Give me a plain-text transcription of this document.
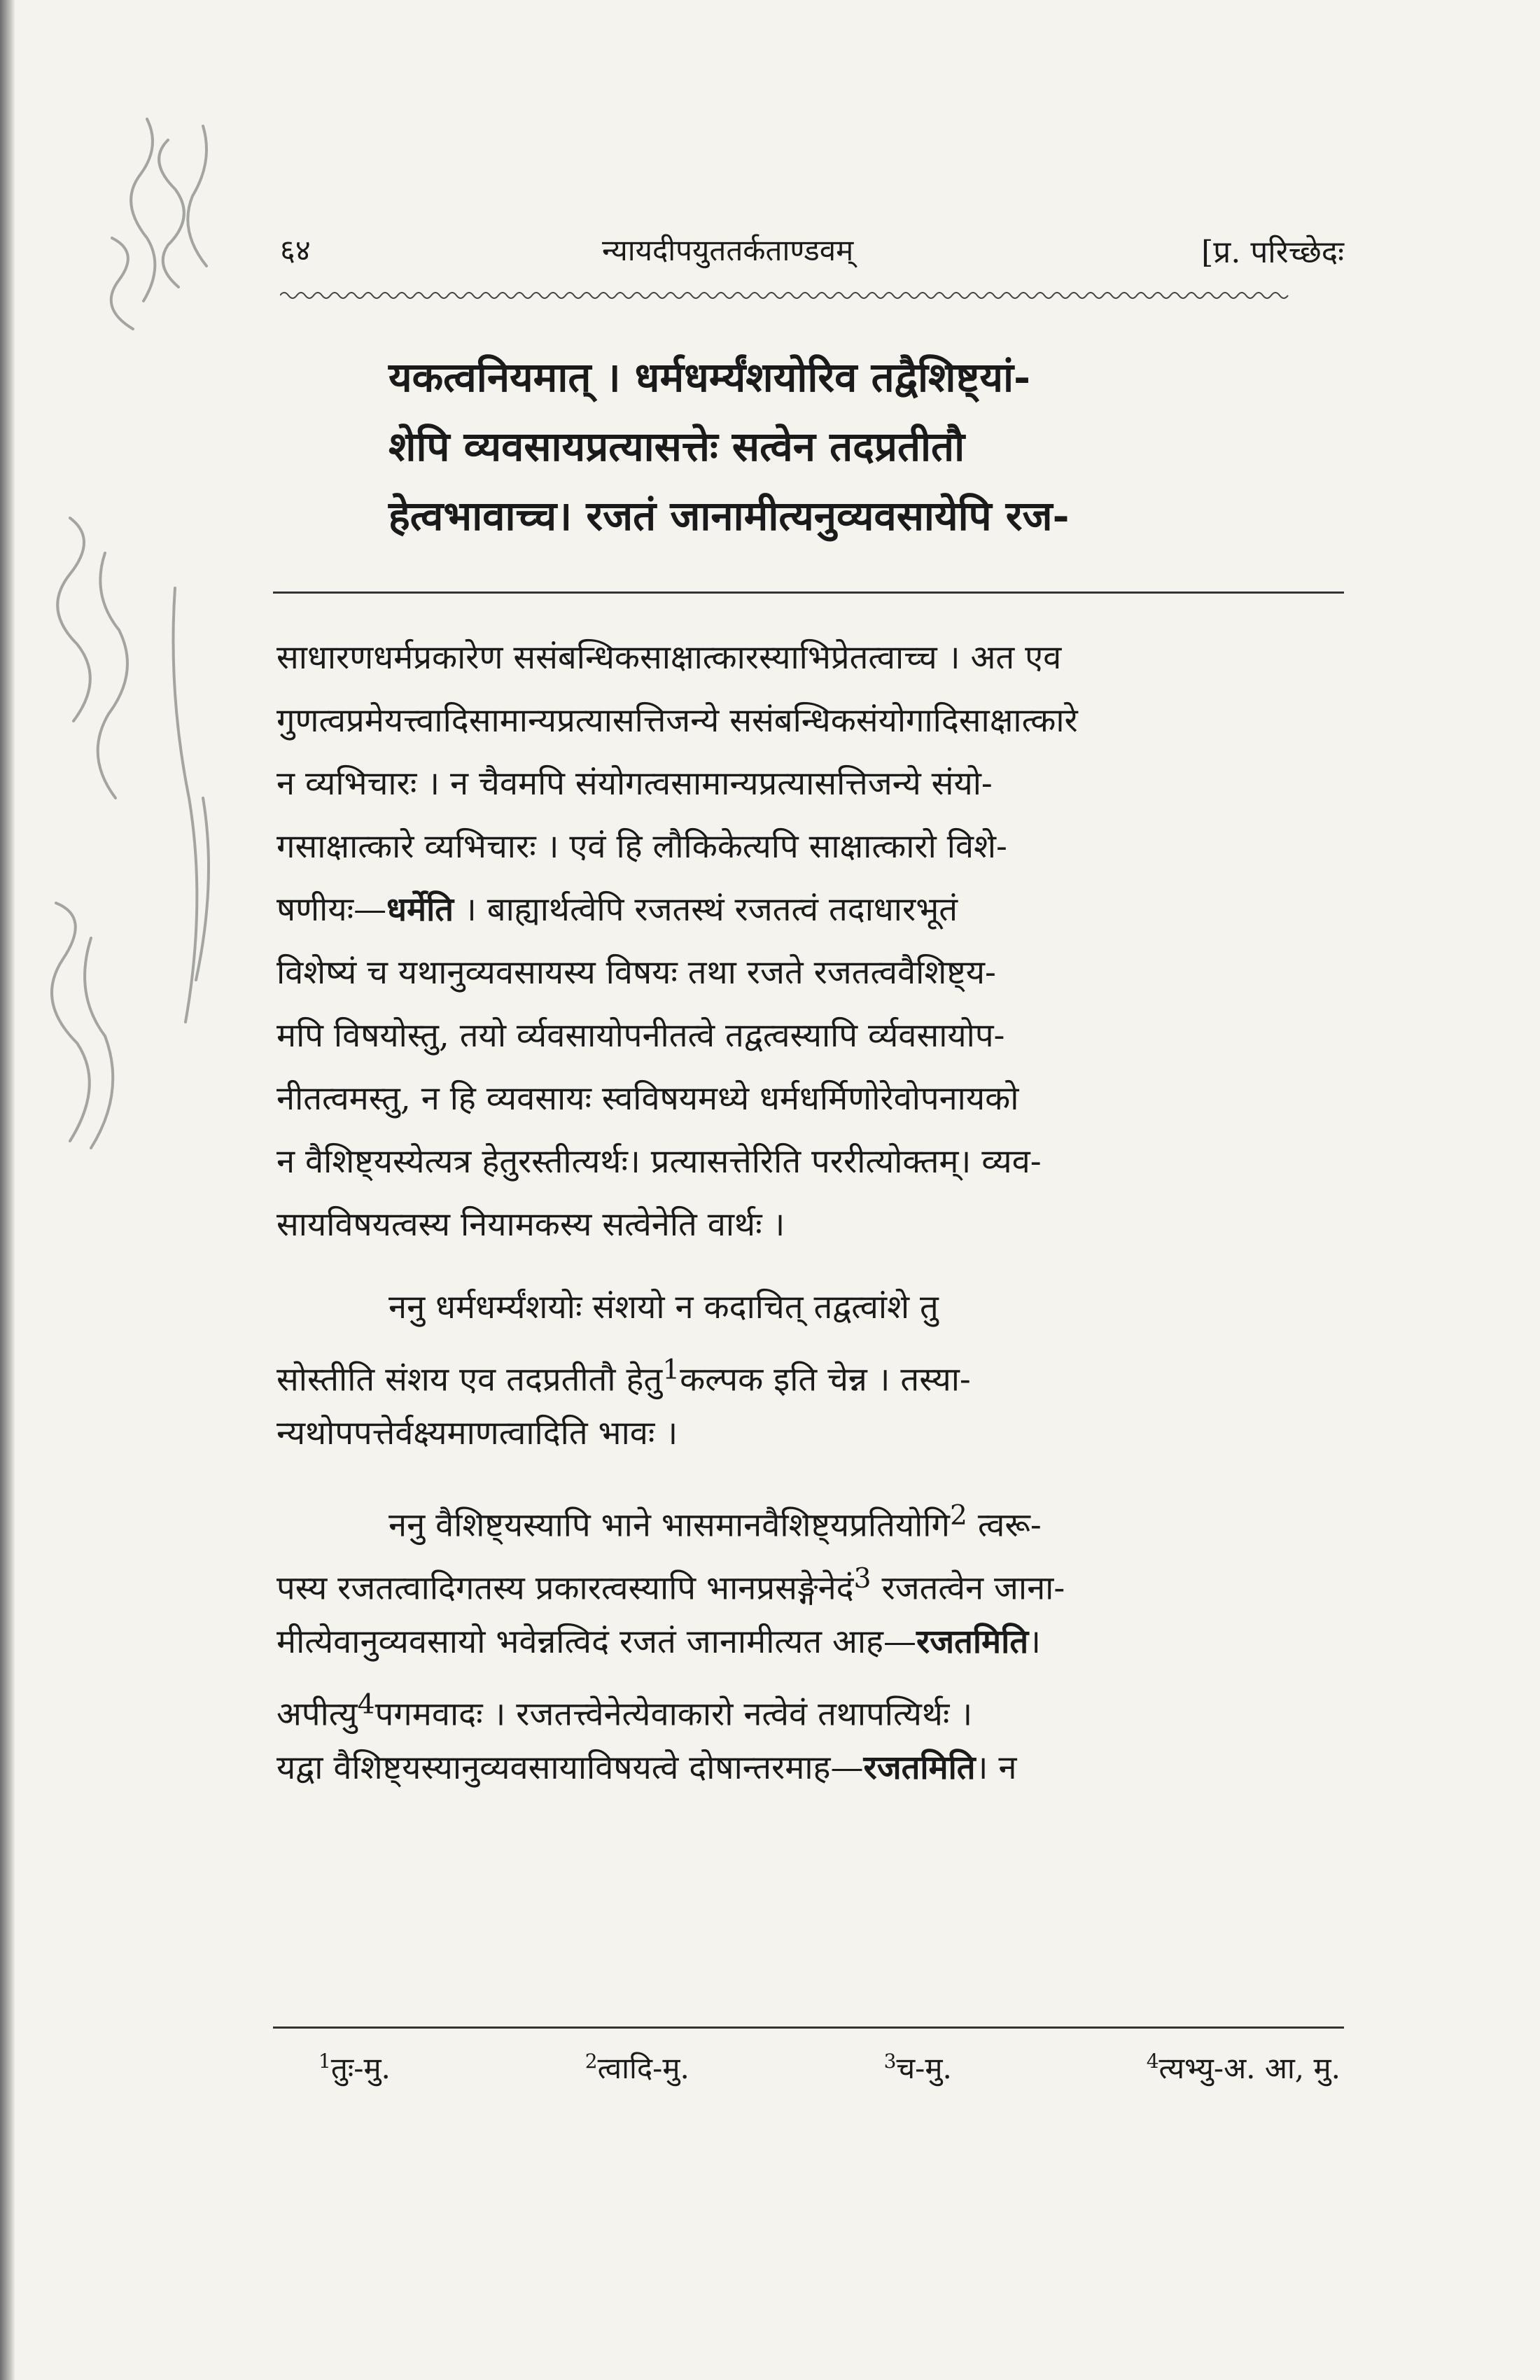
६४	न्यायदीपयुततर्कताण्डवम्	[प्र. परिच्छेदः
यकत्वनियमात् । धर्मधर्म्यंशयोरिव तद्वैशिष्ट्यां-
शेपि व्यवसायप्रत्यासत्तेः सत्वेन तदप्रतीतौ
हेत्वभावाच्च। रजतं जानामीत्यनुव्यवसायेपि रज-
साधारणधर्मप्रकारेण ससंबन्धिकसाक्षात्कारस्याभिप्रेतत्वाच्च । अत एव
गुणत्वप्रमेयत्त्वादिसामान्यप्रत्यासत्तिजन्ये ससंबन्धिकसंयोगादिसाक्षात्कारे
न व्यभिचारः । न चैवमपि संयोगत्वसामान्यप्रत्यासत्तिजन्ये संयो-
गसाक्षात्कारे व्यभिचारः । एवं हि लौकिकेत्यपि साक्षात्कारो विशे-
षणीयः—धर्मेति । बाह्यार्थत्वेपि रजतस्थं रजतत्वं तदाधारभूतं
विशेष्यं च यथानुव्यवसायस्य विषयः तथा रजते रजतत्ववैशिष्ट्य-
मपि विषयोस्तु, तयो र्व्यवसायोपनीतत्वे तद्वत्वस्यापि र्व्यवसायोप-
नीतत्वमस्तु, न हि व्यवसायः स्वविषयमध्ये धर्मधर्मिणोरेवोपनायको
न वैशिष्ट्यस्येत्यत्र हेतुरस्तीत्यर्थः। प्रत्यासत्तेरिति पररीत्योक्तम्। व्यव-
सायविषयत्वस्य नियामकस्य सत्वेनेति वार्थः ।
ननु धर्मधर्म्यंशयोः संशयो न कदाचित् तद्वत्वांशे तु
सोस्तीति संशय एव तदप्रतीतौ हेतु$^1$कल्पक इति चेन्न । तस्या-
न्यथोपपत्तेर्वक्ष्यमाणत्वादिति भावः ।
ननु वैशिष्ट्यस्यापि भाने भासमानवैशिष्ट्यप्रतियोगि$^2$ त्वरू-
पस्य रजतत्वादिगतस्य प्रकारत्वस्यापि भानप्रसङ्गेनेदं$^3$ रजतत्वेन जाना-
मीत्येवानुव्यवसायो भवेन्नत्विदं रजतं जानामीत्यत आह—रजतमिति।
अपीत्यु$^4$पगमवादः । रजतत्त्वेनेत्येवाकारो नत्वेवं तथापत्यिर्थः ।
यद्वा वैशिष्ट्यस्यानुव्यवसायाविषयत्वे दोषान्तरमाह—रजतमिति। न
$^1$तुः-मु.	$^2$त्वादि-मु.	$^3$च-मु.	$^4$त्यभ्यु-अ. आ, मु.
